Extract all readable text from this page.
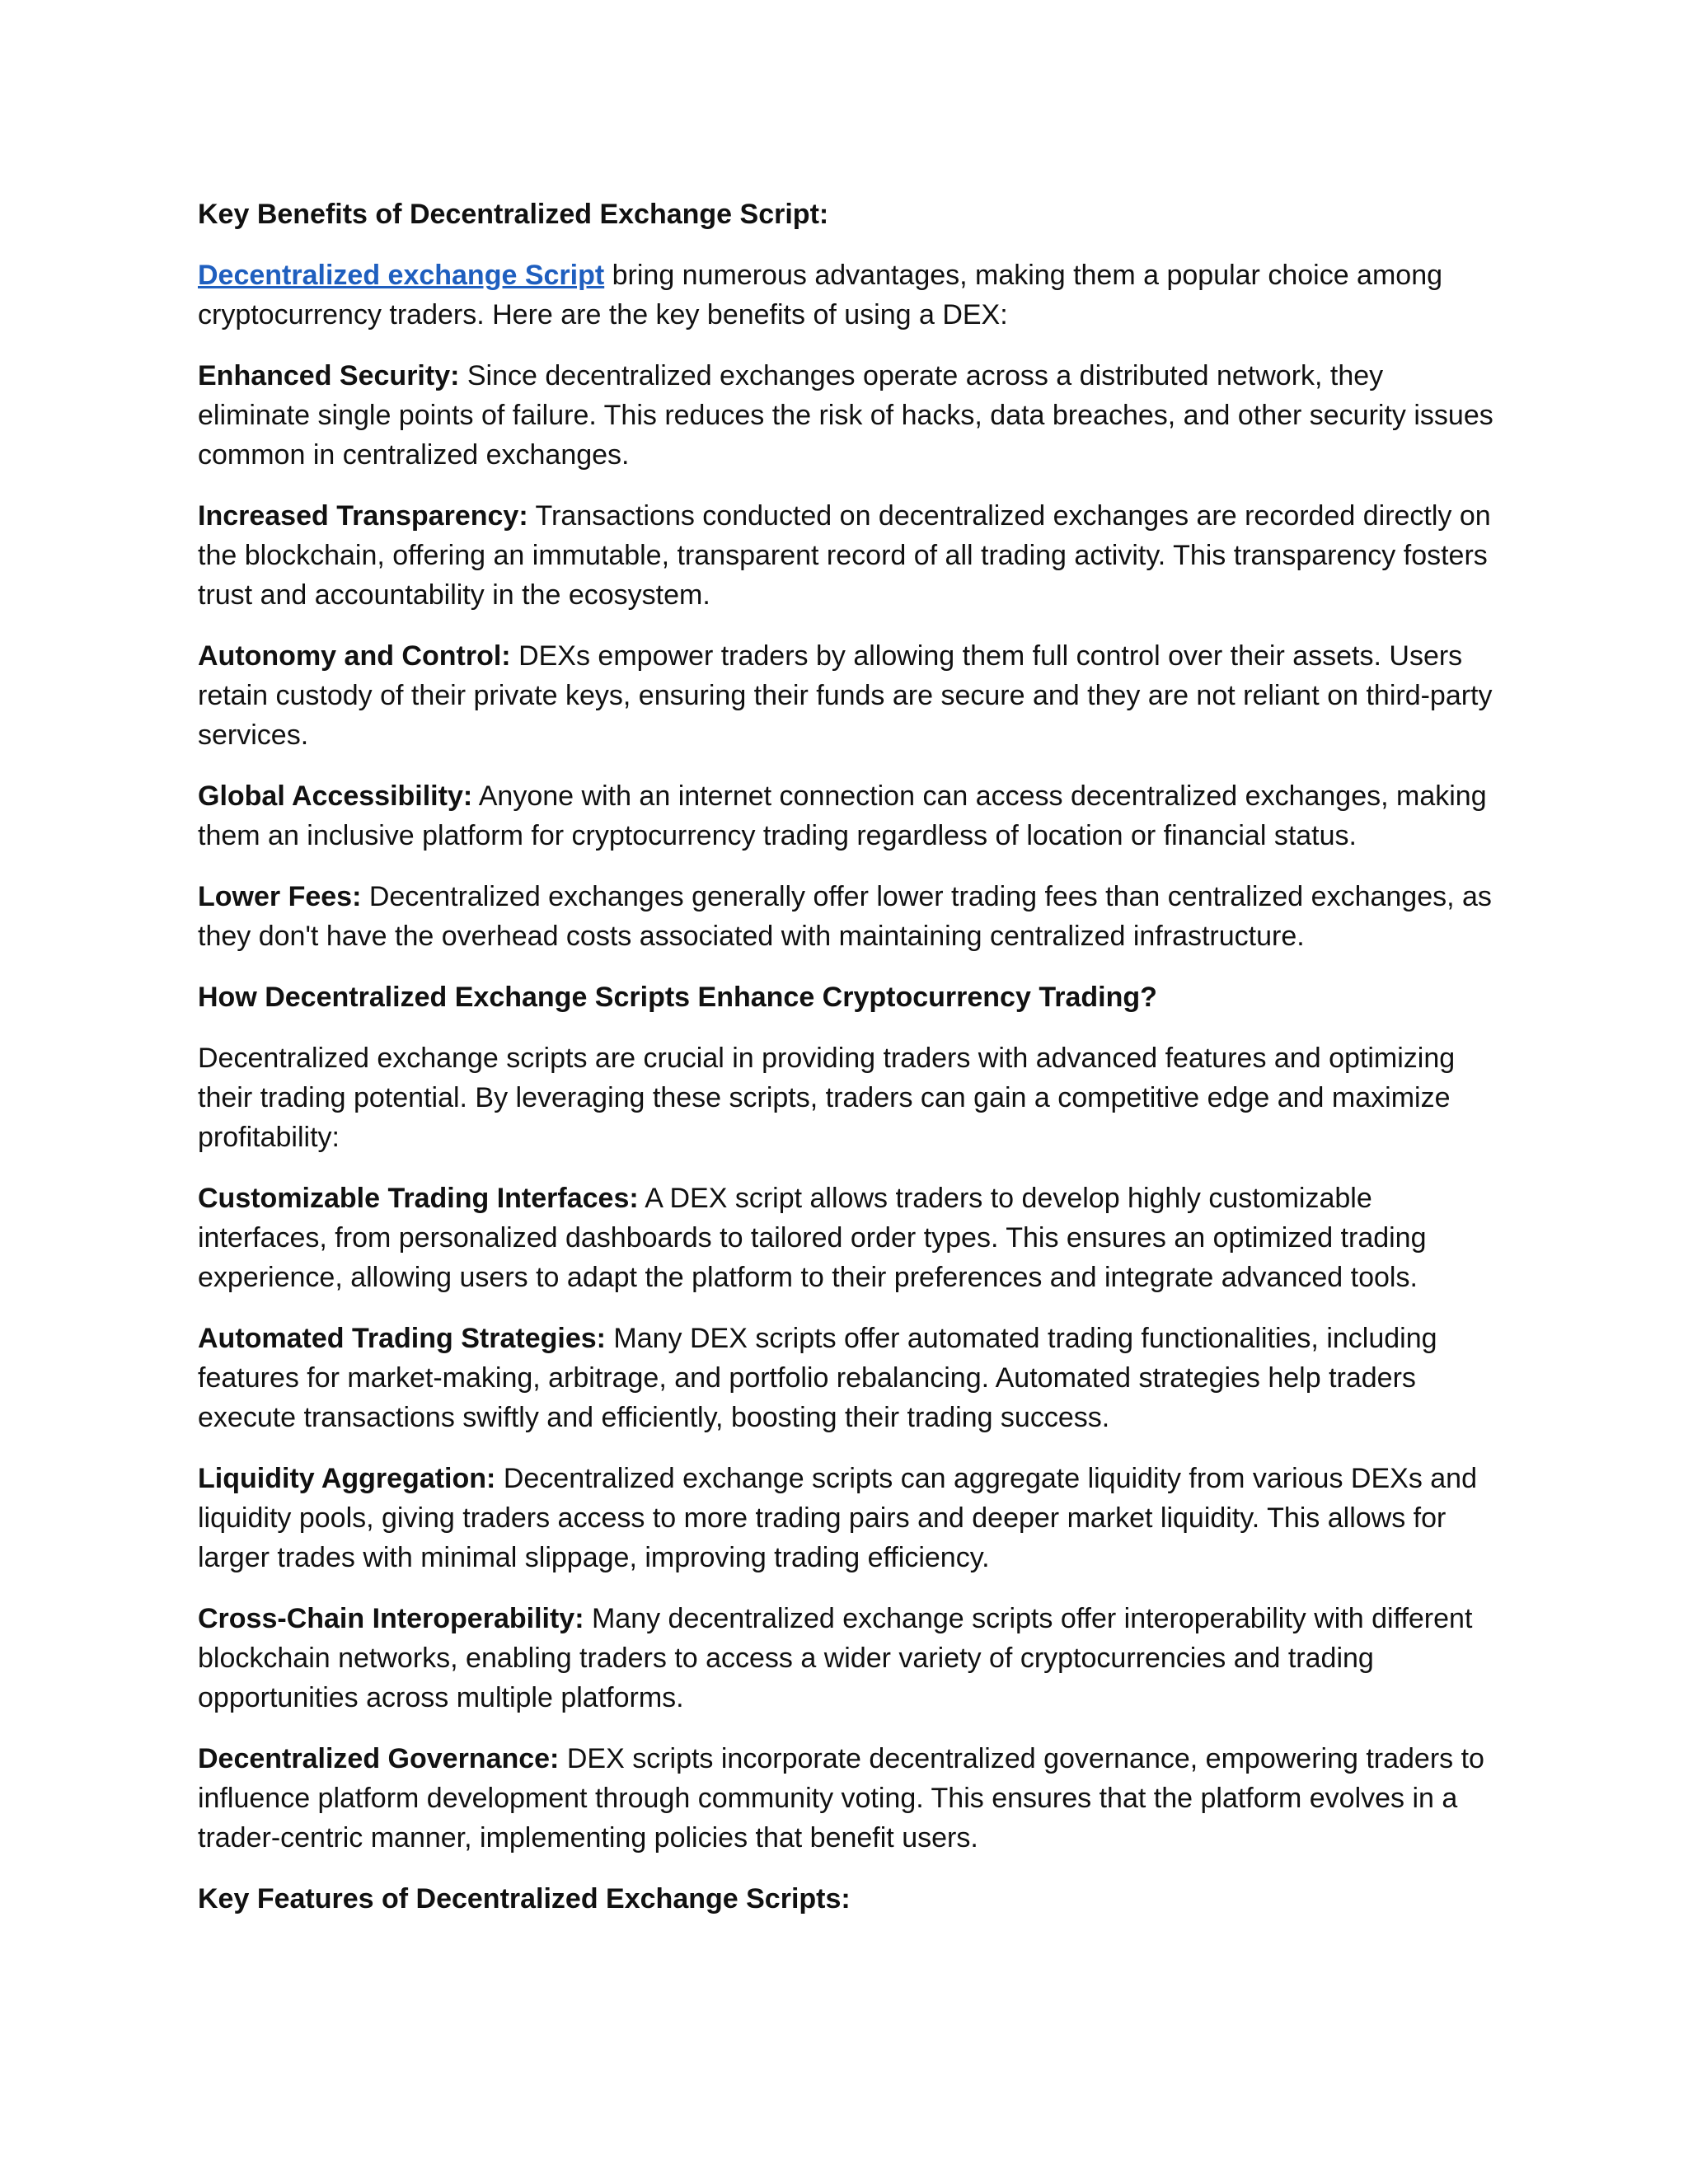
Key Benefits of Decentralized Exchange Script:

Decentralized exchange Script bring numerous advantages, making them a popular choice among cryptocurrency traders. Here are the key benefits of using a DEX:

Enhanced Security: Since decentralized exchanges operate across a distributed network, they eliminate single points of failure. This reduces the risk of hacks, data breaches, and other security issues common in centralized exchanges.

Increased Transparency: Transactions conducted on decentralized exchanges are recorded directly on the blockchain, offering an immutable, transparent record of all trading activity. This transparency fosters trust and accountability in the ecosystem.

Autonomy and Control: DEXs empower traders by allowing them full control over their assets. Users retain custody of their private keys, ensuring their funds are secure and they are not reliant on third-party services.

Global Accessibility: Anyone with an internet connection can access decentralized exchanges, making them an inclusive platform for cryptocurrency trading regardless of location or financial status.

Lower Fees: Decentralized exchanges generally offer lower trading fees than centralized exchanges, as they don't have the overhead costs associated with maintaining centralized infrastructure.

How Decentralized Exchange Scripts Enhance Cryptocurrency Trading?

Decentralized exchange scripts are crucial in providing traders with advanced features and optimizing their trading potential. By leveraging these scripts, traders can gain a competitive edge and maximize profitability:

Customizable Trading Interfaces: A DEX script allows traders to develop highly customizable interfaces, from personalized dashboards to tailored order types. This ensures an optimized trading experience, allowing users to adapt the platform to their preferences and integrate advanced tools.

Automated Trading Strategies: Many DEX scripts offer automated trading functionalities, including features for market-making, arbitrage, and portfolio rebalancing. Automated strategies help traders execute transactions swiftly and efficiently, boosting their trading success.

Liquidity Aggregation: Decentralized exchange scripts can aggregate liquidity from various DEXs and liquidity pools, giving traders access to more trading pairs and deeper market liquidity. This allows for larger trades with minimal slippage, improving trading efficiency.

Cross-Chain Interoperability: Many decentralized exchange scripts offer interoperability with different blockchain networks, enabling traders to access a wider variety of cryptocurrencies and trading opportunities across multiple platforms.

Decentralized Governance: DEX scripts incorporate decentralized governance, empowering traders to influence platform development through community voting. This ensures that the platform evolves in a trader-centric manner, implementing policies that benefit users.

Key Features of Decentralized Exchange Scripts:
